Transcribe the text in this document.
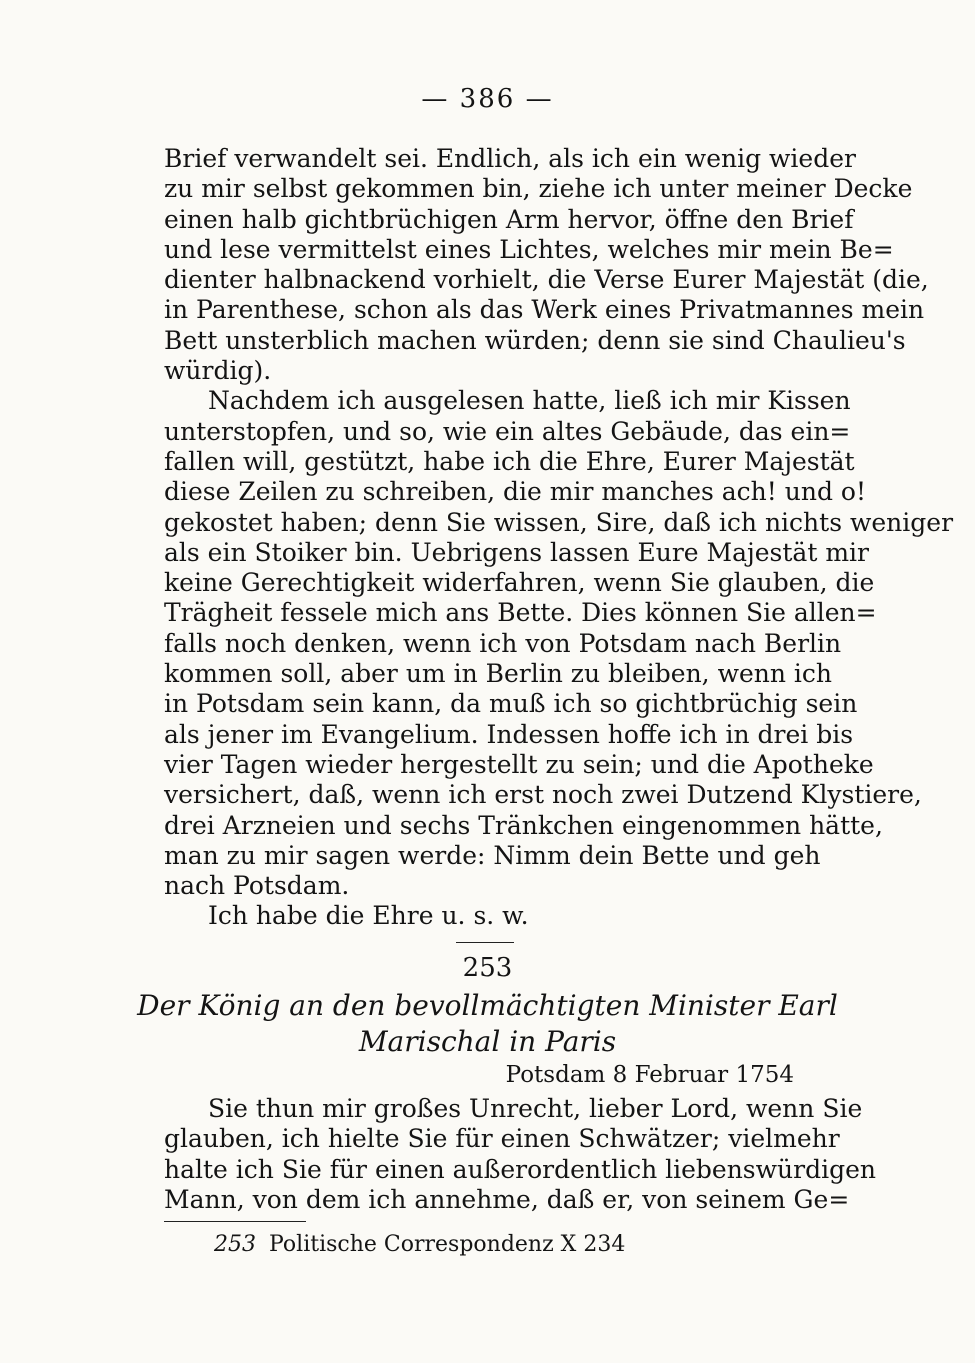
— 386 —
Brief verwandelt sei. Endlich, als ich ein wenig wieder
zu mir selbst gekommen bin, ziehe ich unter meiner Decke
einen halb gichtbrüchigen Arm hervor, öffne den Brief
und lese vermittelst eines Lichtes, welches mir mein Be=
dienter halbnackend vorhielt, die Verse Eurer Majestät (die,
in Parenthese, schon als das Werk eines Privatmannes mein
Bett unsterblich machen würden; denn sie sind Chaulieu's
würdig).
Nachdem ich ausgelesen hatte, ließ ich mir Kissen
unterstopfen, und so, wie ein altes Gebäude, das ein=
fallen will, gestützt, habe ich die Ehre, Eurer Majestät
diese Zeilen zu schreiben, die mir manches ach! und o!
gekostet haben; denn Sie wissen, Sire, daß ich nichts weniger
als ein Stoiker bin. Uebrigens lassen Eure Majestät mir
keine Gerechtigkeit widerfahren, wenn Sie glauben, die
Trägheit fessele mich ans Bette. Dies können Sie allen=
falls noch denken, wenn ich von Potsdam nach Berlin
kommen soll, aber um in Berlin zu bleiben, wenn ich
in Potsdam sein kann, da muß ich so gichtbrüchig sein
als jener im Evangelium. Indessen hoffe ich in drei bis
vier Tagen wieder hergestellt zu sein; und die Apotheke
versichert, daß, wenn ich erst noch zwei Dutzend Klystiere,
drei Arzneien und sechs Tränkchen eingenommen hätte,
man zu mir sagen werde: Nimm dein Bette und geh
nach Potsdam.
Ich habe die Ehre u. s. w.
253
Der König an den bevollmächtigten Minister Earl
Marischal in Paris
Potsdam 8 Februar 1754
Sie thun mir großes Unrecht, lieber Lord, wenn Sie
glauben, ich hielte Sie für einen Schwätzer; vielmehr
halte ich Sie für einen außerordentlich liebenswürdigen
Mann, von dem ich annehme, daß er, von seinem Ge=
253 Politische Correspondenz X 234
